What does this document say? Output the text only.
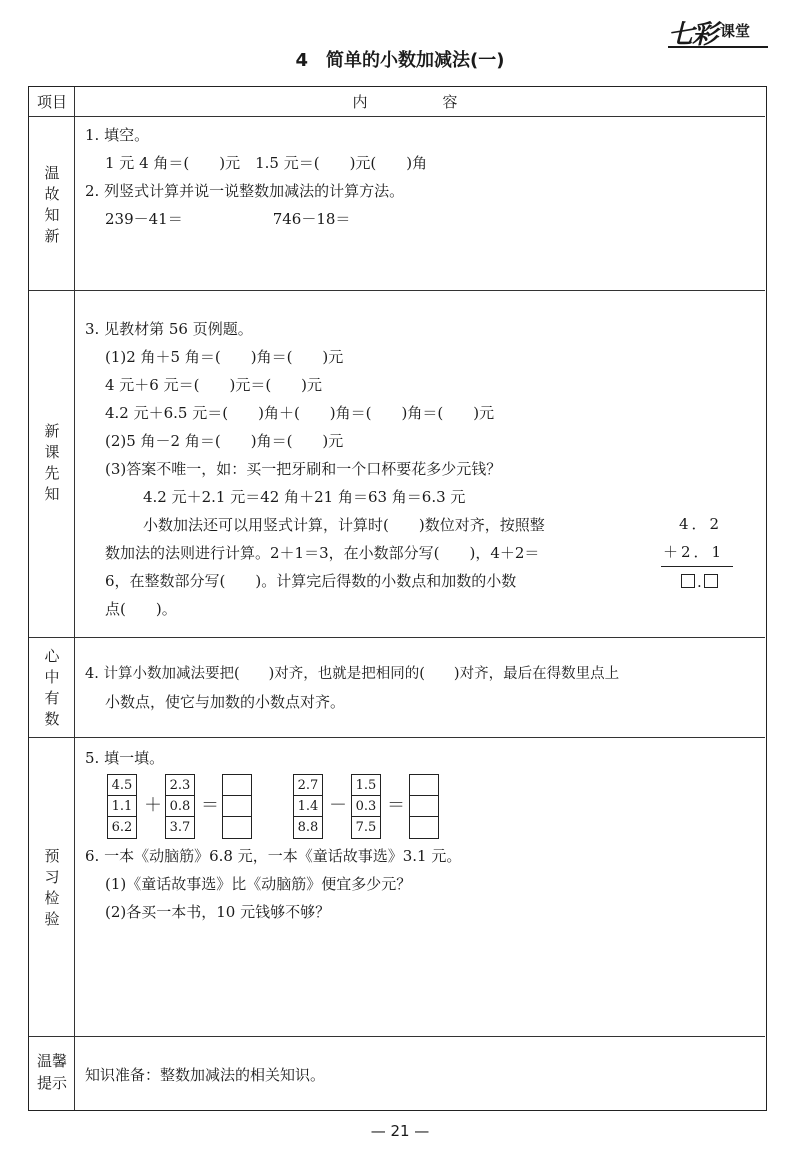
七彩 课堂
4　简单的小数加减法(一)
项目	内　容
温
故
知
新
1. 填空。
1 元 4 角＝(　　)元　1.5 元＝(　　)元(　　)角
2. 列竖式计算并说一说整数加减法的计算方法。
239－41＝　　　　　　746－18＝
新
课
先
知
3. 见教材第 56 页例题。
(1)2 角＋5 角＝(　　)角＝(　　)元
4 元＋6 元＝(　　)元＝(　　)元
4.2 元＋6.5 元＝(　　)角＋(　　)角＝(　　)角＝(　　)元
(2)5 角－2 角＝(　　)角＝(　　)元
(3)答案不唯一，如：买一把牙刷和一个口杯要花多少元钱？
4.2 元＋2.1 元＝42 角＋21 角＝63 角＝6.3 元
小数加法还可以用竖式计算，计算时(　　)数位对齐，按照整
数加法的法则进行计算。2＋1＝3，在小数部分写(　　)，4＋2＝
6，在整数部分写(　　)。计算完后得数的小数点和加数的小数
点(　　)。
4．2
＋2．1
.
心
中
有
数
4. 计算小数加减法要把(　　)对齐，也就是把相同的(　　)对齐，最后在得数里点上
小数点，使它与加数的小数点对齐。
预
习
检
验
5. 填一填。
4.5
1.1
6.2
＋
2.3
0.8
3.7
＝
2.7
1.4
8.8
－
1.5
0.3
7.5
＝
6. 一本《动脑筋》6.8 元，一本《童话故事选》3.1 元。
(1)《童话故事选》比《动脑筋》便宜多少元？
(2)各买一本书，10 元钱够不够？
温馨
提示	知识准备：整数加减法的相关知识。
— 21 —
